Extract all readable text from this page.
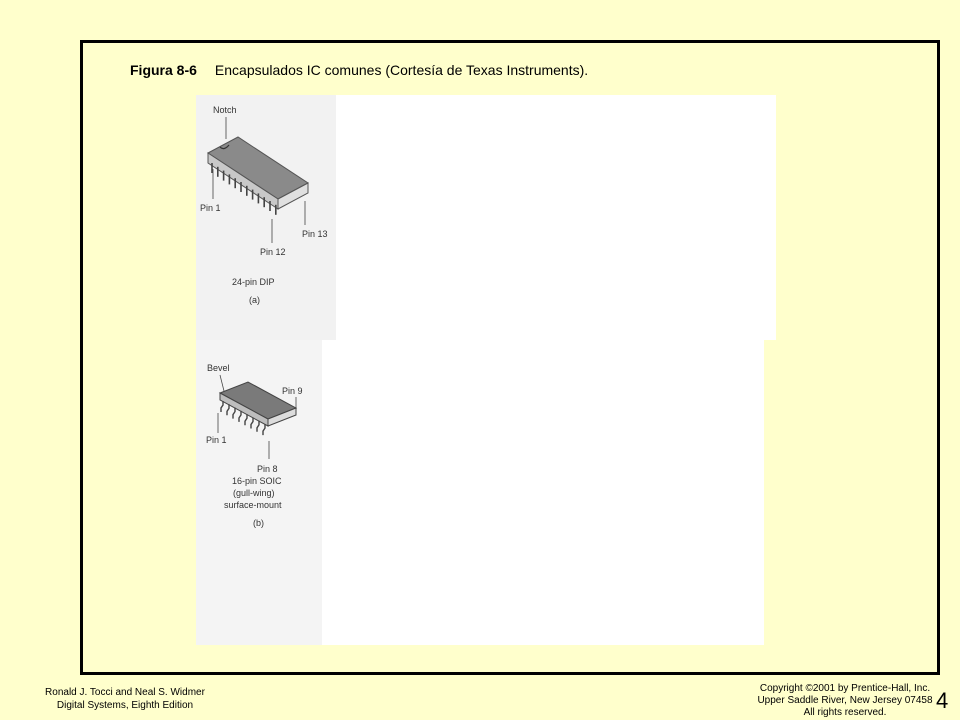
Figura 8-6 Encapsulados IC comunes (Cortesía de Texas Instruments).
Notch
Pin 1
Pin 12
Pin 13
24-pin DIP
(a)
Bevel
Pin 9
Pin 1
Pin 8
16-pin SOIC
(gull-wing)
surface-mount
(b)
Ronald J. Tocci and Neal S. Widmer
Digital Systems, Eighth Edition
Copyright ©2001 by Prentice-Hall, Inc.
Upper Saddle River, New Jersey 07458
All rights reserved.	4
